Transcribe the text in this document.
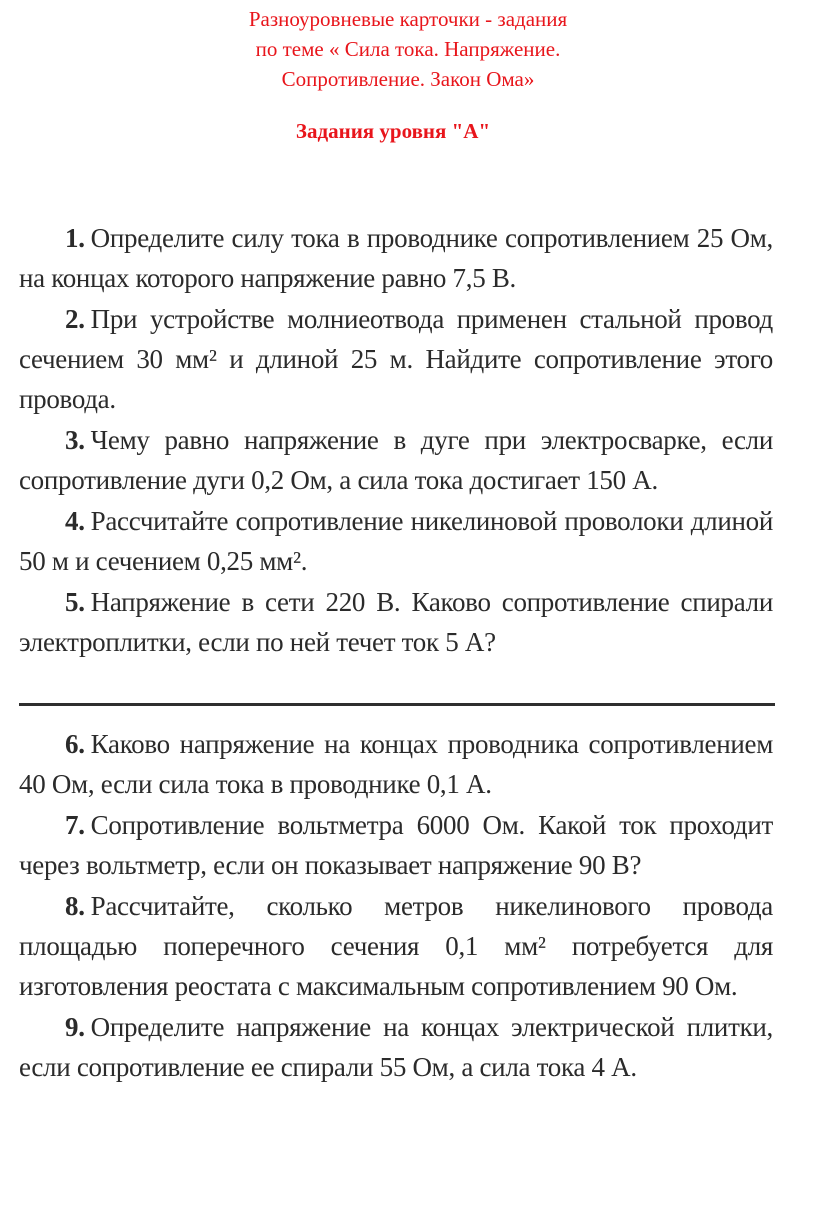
Разноуровневые карточки - задания
по теме « Сила тока. Напряжение.
Сопротивление. Закон Ома»
Задания уровня "А"

1. Определите силу тока в проводнике сопротивлением 25 Ом, на концах которого напряжение равно 7,5 В.

2. При устройстве молниеотвода применен стальной провод сечением 30 мм² и длиной 25 м. Найдите сопротивление этого провода.

3. Чему равно напряжение в дуге при электросварке, если сопротивление дуги 0,2 Ом, а сила тока достигает 150 А.

4. Рассчитайте сопротивление никелиновой проволоки длиной 50 м и сечением 0,25 мм².

5. Напряжение в сети 220 В. Каково сопротивление спирали электроплитки, если по ней течет ток 5 А?

6. Каково напряжение на концах проводника сопротивлением 40 Ом, если сила тока в проводнике 0,1 А.

7. Сопротивление вольтметра 6000 Ом. Какой ток проходит через вольтметр, если он показывает напряжение 90 В?

8. Рассчитайте, сколько метров никелинового провода площадью поперечного сечения 0,1 мм² потребуется для изготовления реостата с максимальным сопротивлением 90 Ом.

9. Определите напряжение на концах электрической плитки, если сопротивление ее спирали 55 Ом, а сила тока 4 А.
